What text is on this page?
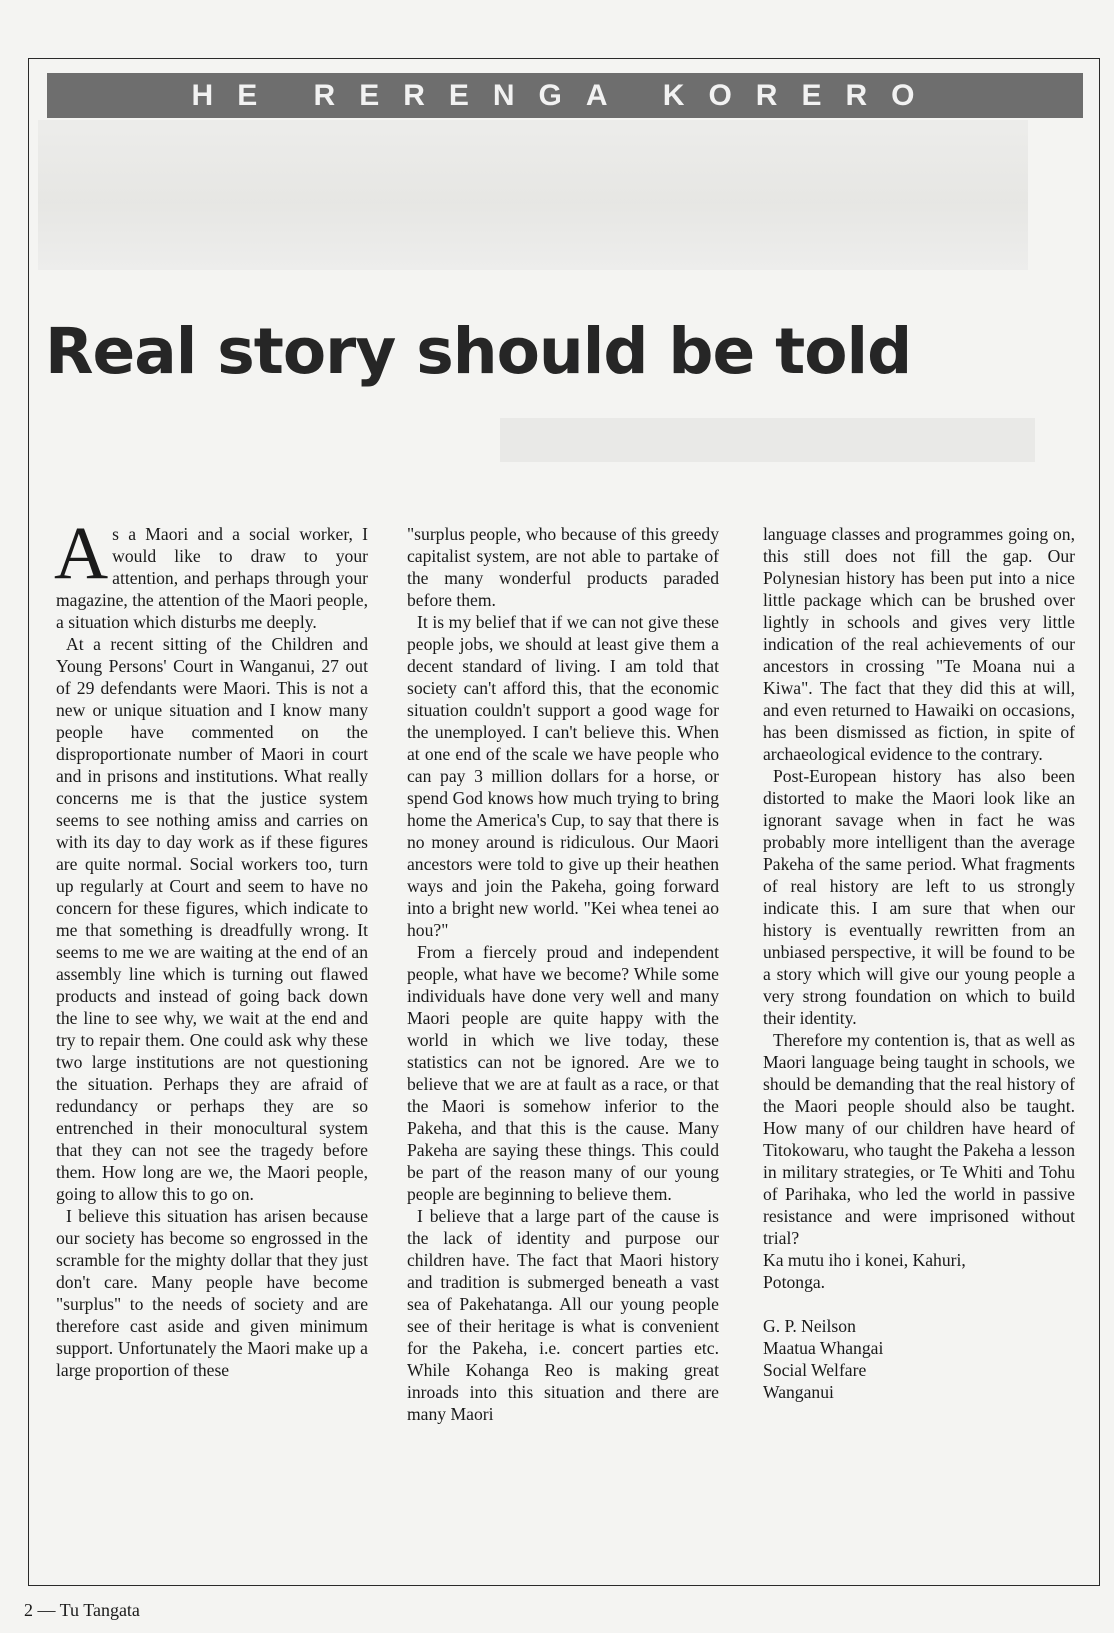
HE RERENGA KORERO
Real story should be told

As a Maori and a social worker, I would like to draw to your attention, and perhaps through your magazine, the attention of the Maori people, a situation which disturbs me deeply.

At a recent sitting of the Children and Young Persons' Court in Wanganui, 27 out of 29 defendants were Maori. This is not a new or unique situation and I know many people have commented on the disproportionate number of Maori in court and in prisons and institutions. What really concerns me is that the justice system seems to see nothing amiss and carries on with its day to day work as if these figures are quite normal. Social workers too, turn up regularly at Court and seem to have no concern for these figures, which indicate to me that something is dreadfully wrong. It seems to me we are waiting at the end of an assembly line which is turning out flawed products and instead of going back down the line to see why, we wait at the end and try to repair them. One could ask why these two large institutions are not questioning the situation. Perhaps they are afraid of redundancy or perhaps they are so entrenched in their monocultural system that they can not see the tragedy before them. How long are we, the Maori people, going to allow this to go on.

I believe this situation has arisen because our society has become so engrossed in the scramble for the mighty dollar that they just don't care. Many people have become "surplus" to the needs of society and are therefore cast aside and given minimum support. Unfortunately the Maori make up a large proportion of these

"surplus people, who because of this greedy capitalist system, are not able to partake of the many wonderful products paraded before them.

It is my belief that if we can not give these people jobs, we should at least give them a decent standard of living. I am told that society can't afford this, that the economic situation couldn't support a good wage for the unemployed. I can't believe this. When at one end of the scale we have people who can pay 3 million dollars for a horse, or spend God knows how much trying to bring home the America's Cup, to say that there is no money around is ridiculous. Our Maori ancestors were told to give up their heathen ways and join the Pakeha, going forward into a bright new world. "Kei whea tenei ao hou?"

From a fiercely proud and independent people, what have we become? While some individuals have done very well and many Maori people are quite happy with the world in which we live today, these statistics can not be ignored. Are we to believe that we are at fault as a race, or that the Maori is somehow inferior to the Pakeha, and that this is the cause. Many Pakeha are saying these things. This could be part of the reason many of our young people are beginning to believe them.

I believe that a large part of the cause is the lack of identity and purpose our children have. The fact that Maori history and tradition is submerged beneath a vast sea of Pakehatanga. All our young people see of their heritage is what is convenient for the Pakeha, i.e. concert parties etc. While Kohanga Reo is making great inroads into this situation and there are many Maori

language classes and programmes going on, this still does not fill the gap. Our Polynesian history has been put into a nice little package which can be brushed over lightly in schools and gives very little indication of the real achievements of our ancestors in crossing "Te Moana nui a Kiwa". The fact that they did this at will, and even returned to Hawaiki on occasions, has been dismissed as fiction, in spite of archaeological evidence to the contrary.

Post-European history has also been distorted to make the Maori look like an ignorant savage when in fact he was probably more intelligent than the average Pakeha of the same period. What fragments of real history are left to us strongly indicate this. I am sure that when our history is eventually rewritten from an unbiased perspective, it will be found to be a story which will give our young people a very strong foundation on which to build their identity.

Therefore my contention is, that as well as Maori language being taught in schools, we should be demanding that the real history of the Maori people should also be taught. How many of our children have heard of Titokowaru, who taught the Pakeha a lesson in military strategies, or Te Whiti and Tohu of Parihaka, who led the world in passive resistance and were imprisoned without trial?

Ka mutu iho i konei, Kahuri,
Potonga.
G. P. Neilson
Maatua Whangai
Social Welfare
Wanganui
2 — Tu Tangata
